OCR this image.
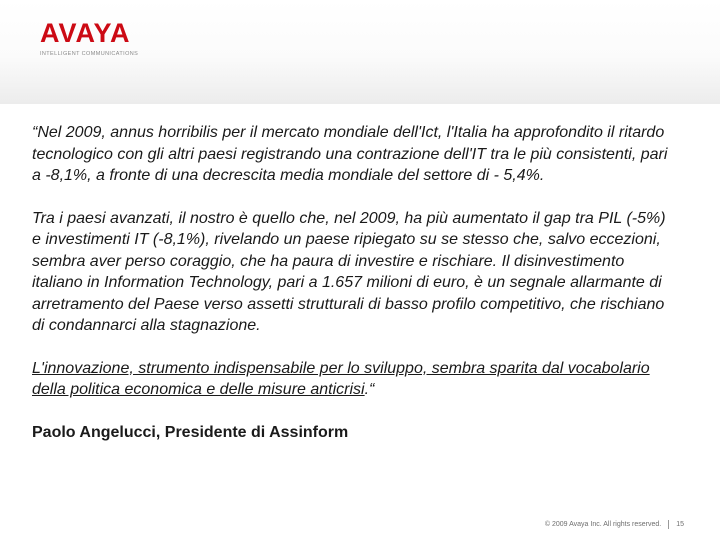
AVAYA
INTELLIGENT COMMUNICATIONS

“Nel 2009, annus horribilis per il mercato mondiale dell'Ict, l'Italia ha approfondito il ritardo tecnologico con gli altri paesi registrando una contrazione dell'IT tra le più consistenti, pari a -8,1%, a fronte di una decrescita media mondiale del settore di - 5,4%.

Tra i paesi avanzati, il nostro è quello che, nel 2009, ha più aumentato il gap tra PIL (-5%) e investimenti IT (-8,1%), rivelando un paese ripiegato su se stesso che, salvo eccezioni, sembra aver perso coraggio, che ha paura di investire e rischiare. Il disinvestimento italiano in Information Technology, pari a 1.657 milioni di euro, è un segnale allarmante di arretramento del Paese verso assetti strutturali di basso profilo competitivo, che rischiano di condannarci alla stagnazione.

L'innovazione, strumento indispensabile per lo sviluppo, sembra sparita dal vocabolario della politica economica e delle misure anticrisi.“

Paolo Angelucci, Presidente di Assinform

© 2009 Avaya Inc. All rights reserved. 15
